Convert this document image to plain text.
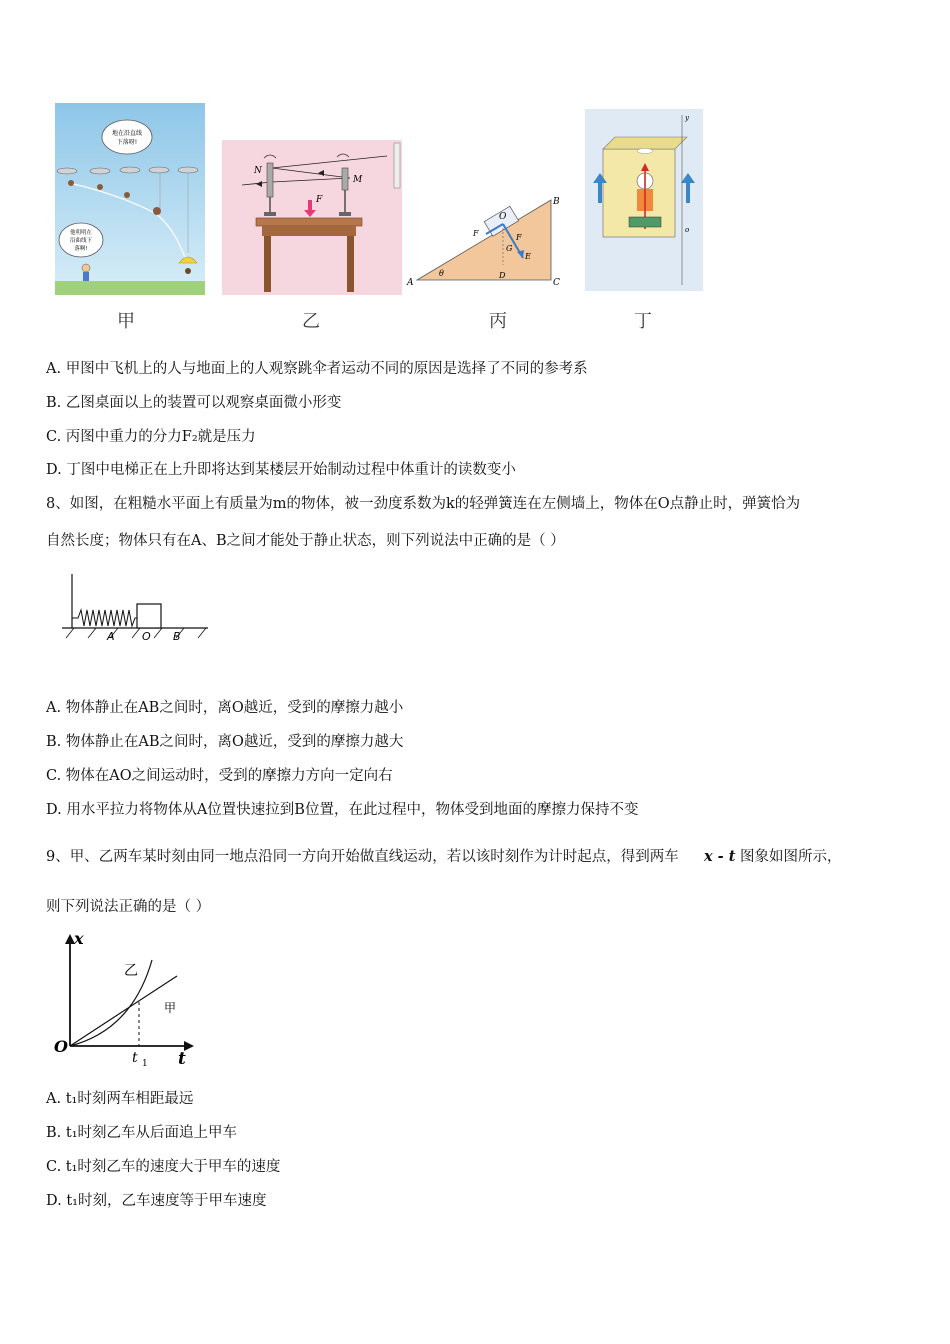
地在沿直线
下落呀!
他明明在
沿曲线下
落啊!
甲
N
M
F
乙
A
B
C
θ
O
F	F
G
D
E
丙
y
o
丁
A. 甲图中飞机上的人与地面上的人观察跳伞者运动不同的原因是选择了不同的参考系
B. 乙图桌面以上的装置可以观察桌面微小形变
C. 丙图中重力的分力F₂就是压力
D. 丁图中电梯正在上升即将达到某楼层开始制动过程中体重计的读数变小
8、如图，在粗糙水平面上有质量为m的物体，被一劲度系数为k的轻弹簧连在左侧墙上，物体在O点静止时，弹簧恰为
自然长度；物体只有在A、B之间才能处于静止状态，则下列说法中正确的是（ ）
A O B
A. 物体静止在AB之间时，离O越近，受到的摩擦力越小
B. 物体静止在AB之间时，离O越近，受到的摩擦力越大
C. 物体在AO之间运动时，受到的摩擦力方向一定向右
D. 用水平拉力将物体从A位置快速拉到B位置，在此过程中，物体受到地面的摩擦力保持不变
9、甲、乙两车某时刻由同一地点沿同一方向开始做直线运动，若以该时刻作为计时起点，得到两车 x - t 图象如图所示，
则下列说法正确的是（ ）
x
t
O
t 1
乙
甲
A. t₁时刻两车相距最远
B. t₁时刻乙车从后面追上甲车
C. t₁时刻乙车的速度大于甲车的速度
D. t₁时刻，乙车速度等于甲车速度
